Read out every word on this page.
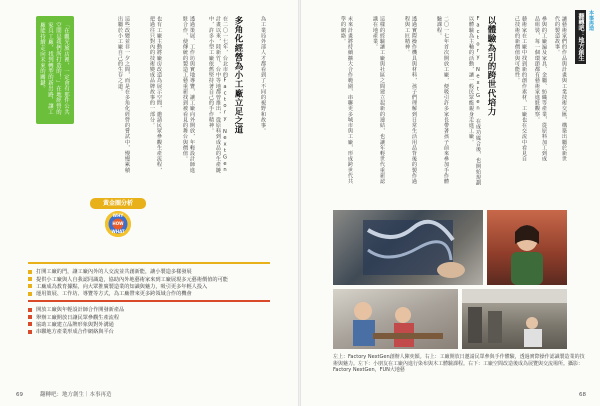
「在觀光旅店裡，一定會有那件公共空間是我們所打造的！」在地經營的家具工廠，找到轉型的新出路，讓工廠能持續走向未來的關鍵。	為工業局外部人才都看到了不同的視野和故事。
多角化經營為小工廠立足之道
在二〇一七年，台北市的Factory NextGen計畫以來，陸新竹、台中等地都曾推出，從原料到成品的生產鏈中，許多小型工廠依舊堅持著自己的手作精神。
透過策展、工作坊與實地導覽，讓工廠向外開放，年輕設計師進駐合作，使傳統的製造工藝重新找到被看見的舞台與價值。
也有工廠主動將廠房改造為展示空間，邀請民眾參觀生產流程，把過往只對內的技術變成品牌故事的一部分。
這些改變並非一夕之間，而是在多角化經營的嘗試中，慢慢累積出屬於小工廠自己的生存之道。
黃金圈分析
WHY
HOW
WHAT
打開工廠的門，讓工廠內外的人交流並共創新能，讓小製造多樣發展
提供小工廠與人自我認同識造，協助內外地藝術家來到工廠展現多元藝術價值的可能
工廠成為教育據點，向大眾推廣製造業的知識與魅力，吸引更多年輕人投入
運用策展、工作坊、導覽等方式，為工廠帶來更多跨領域合作的機會
開放工廠與年輕設計師合作開發新產品
舉辦工廠開放日讓民眾參觀生產流程
協助工廠建立品牌形象與對外溝通
串聯地方產業形成合作網絡與平台
69	翻轉吧：地方創生｜本事再造
翻轉吧：地方創生 本事再造
讓藝術家們的作品與計畫與工業技術交匯，構築出屬於新世代的製造故事。
參與的工廠遍及家具、金屬、紡織等產業，從原料加工到成品組裝，每一個環節都有藝術家進駐觀察。
藝術家在工廠中找到新的創作素材，工廠也在交流中看見自己技術的新價值與可能性。
以體驗為引的跨世代培力
Factory NextGen 在成功媒合後，也開始規劃以體驗為主軸的活動，讓一般民眾能親身走進工廠。
二〇一七年首次開放工廠，便吸引許多家長帶著孩子前來參加手作體驗課程。
透過實際操作機具與材料，孩子們理解到日常生活用品背後的製作過程與工匠精神。
這樣的經驗讓工廠與社區之間建立起新的連結，也讓年輕世代重新認識在地產業。
未來計畫將持續擴大合作範圍，串聯更多城市與工廠，形成跨世代共學的網絡。
左上：Factory NextGen創辦人陳奕穎。右上：工廠開放日邀請民眾參與手作體驗，透過實際操作認識製造業的技術與魅力。左下：小朋友在工廠內進行染布與木工體驗課程。右下：工廠空間改造後成為展覽與交流場所。攝影：Factory NextGen，FUN大地藝
68
